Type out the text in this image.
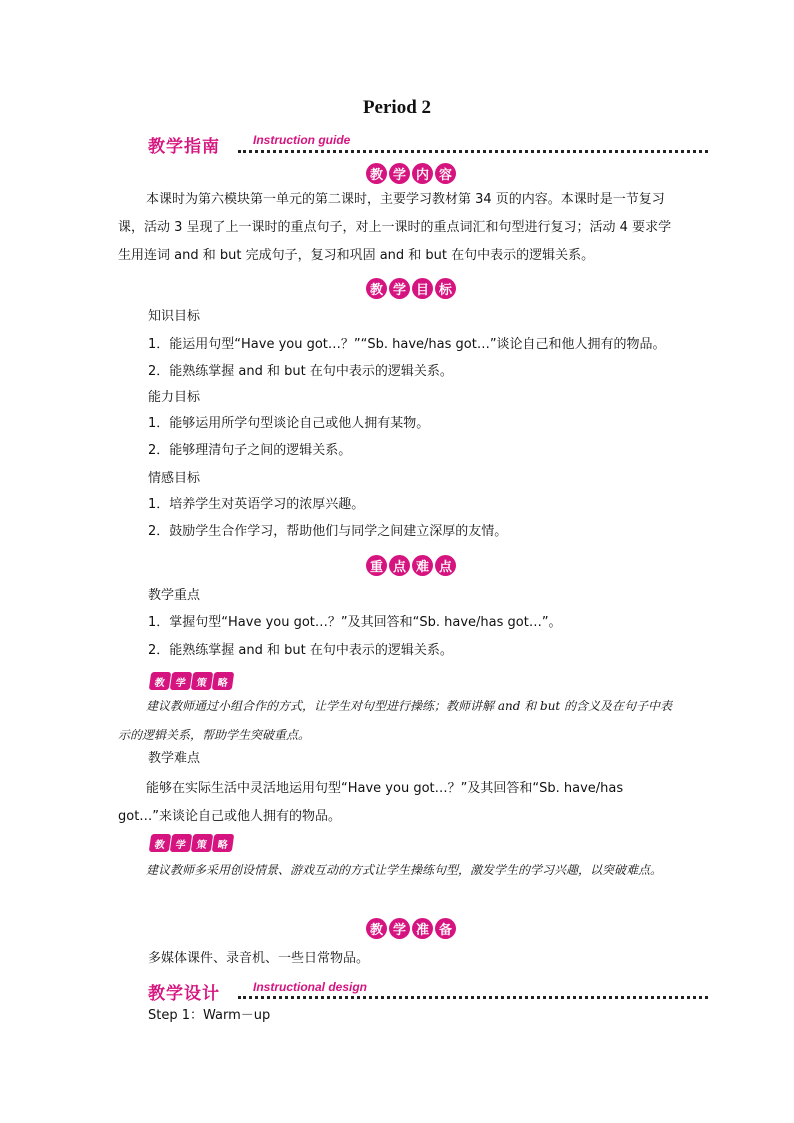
Period 2
教学指南	Instruction guide
教 学 内 容
本课时为第六模块第一单元的第二课时，主要学习教材第 34 页的内容。本课时是一节复习课，活动 3 呈现了上一课时的重点句子，对上一课时的重点词汇和句型进行复习；活动 4 要求学生用连词 and 和 but 完成句子，复习和巩固 and 和 but 在句中表示的逻辑关系。
教 学 目 标
知识目标
1．能运用句型“Have you got…？”“Sb. have/has got…”谈论自己和他人拥有的物品。
2．能熟练掌握 and 和 but 在句中表示的逻辑关系。
能力目标
1．能够运用所学句型谈论自己或他人拥有某物。
2．能够理清句子之间的逻辑关系。
情感目标
1．培养学生对英语学习的浓厚兴趣。
2．鼓励学生合作学习，帮助他们与同学之间建立深厚的友情。
重 点 难 点
教学重点
1．掌握句型“Have you got…？”及其回答和“Sb. have/has got…”。
2．能熟练掌握 and 和 but 在句中表示的逻辑关系。
教 学 策 略
建议教师通过小组合作的方式，让学生对句型进行操练；教师讲解 and 和 but 的含义及在句子中表示的逻辑关系，帮助学生突破重点。
教学难点
能够在实际生活中灵活地运用句型“Have you got…？”及其回答和“Sb. have/has got…”来谈论自己或他人拥有的物品。
教 学 策 略
建议教师多采用创设情景、游戏互动的方式让学生操练句型，激发学生的学习兴趣，以突破难点。
教 学 准 备
多媒体课件、录音机、一些日常物品。
教学设计	Instructional design
Step 1：Warm－up
